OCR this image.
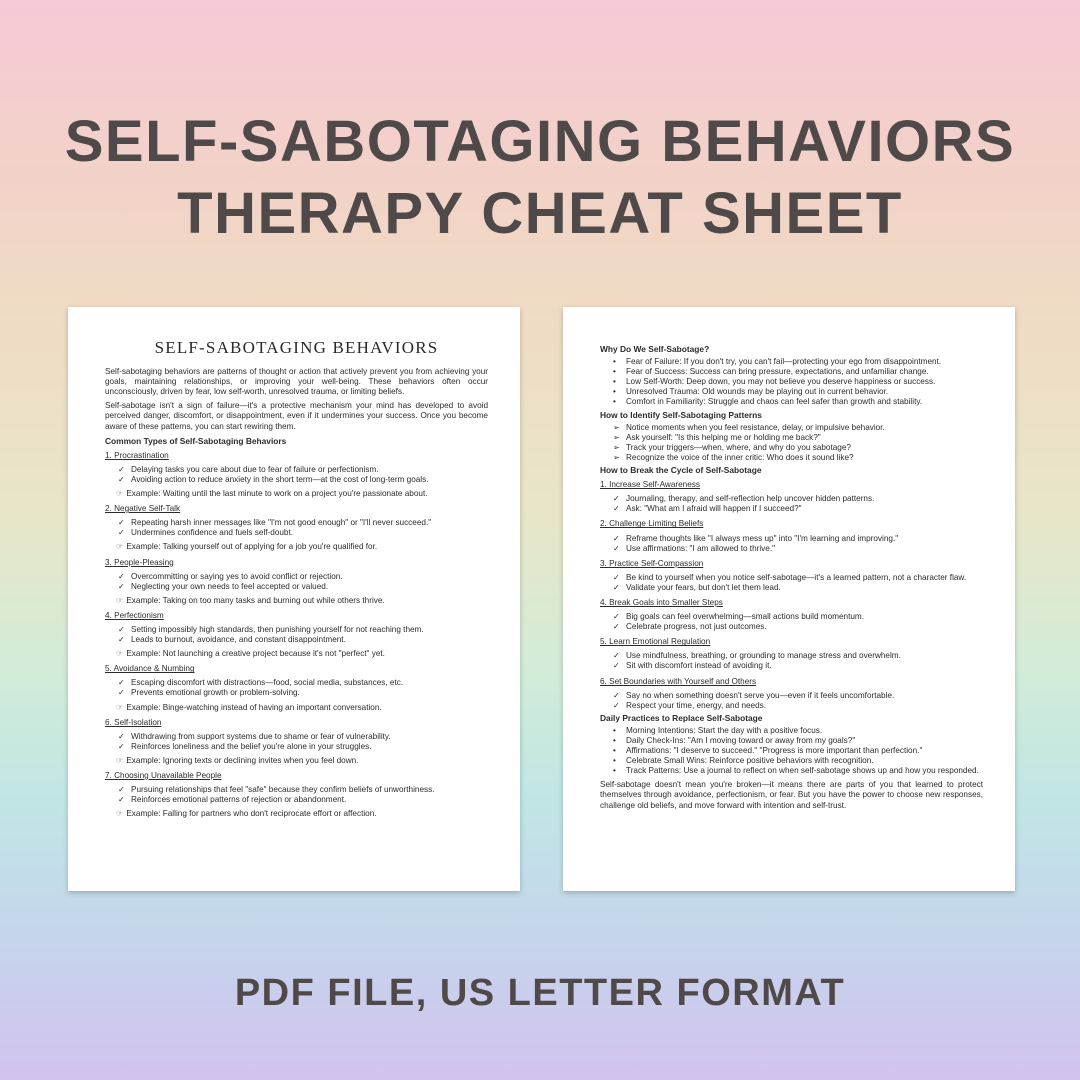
SELF-SABOTAGING BEHAVIORS
THERAPY CHEAT SHEET
SELF-SABOTAGING BEHAVIORS

Self-sabotaging behaviors are patterns of thought or action that actively prevent you from achieving your goals, maintaining relationships, or improving your well-being. These behaviors often occur unconsciously, driven by fear, low self-worth, unresolved trauma, or limiting beliefs.

Self-sabotage isn't a sign of failure—it's a protective mechanism your mind has developed to avoid perceived danger, discomfort, or disappointment, even if it undermines your success. Once you become aware of these patterns, you can start rewiring them.

Common Types of Self-Sabotaging Behaviors
1. Procrastination
✓ Delaying tasks you care about due to fear of failure or perfectionism.
✓ Avoiding action to reduce anxiety in the short term—at the cost of long-term goals.
☞ Example: Waiting until the last minute to work on a project you're passionate about.
2. Negative Self-Talk
✓ Repeating harsh inner messages like "I'm not good enough" or "I'll never succeed."
✓ Undermines confidence and fuels self-doubt.
☞ Example: Talking yourself out of applying for a job you're qualified for.
3. People-Pleasing
✓ Overcommitting or saying yes to avoid conflict or rejection.
✓ Neglecting your own needs to feel accepted or valued.
☞ Example: Taking on too many tasks and burning out while others thrive.
4. Perfectionism
✓ Setting impossibly high standards, then punishing yourself for not reaching them.
✓ Leads to burnout, avoidance, and constant disappointment.
☞ Example: Not launching a creative project because it's not "perfect" yet.
5. Avoidance & Numbing
✓ Escaping discomfort with distractions—food, social media, substances, etc.
✓ Prevents emotional growth or problem-solving.
☞ Example: Binge-watching instead of having an important conversation.
6. Self-Isolation
✓ Withdrawing from support systems due to shame or fear of vulnerability.
✓ Reinforces loneliness and the belief you're alone in your struggles.
☞ Example: Ignoring texts or declining invites when you feel down.
7. Choosing Unavailable People
✓ Pursuing relationships that feel "safe" because they confirm beliefs of unworthiness.
✓ Reinforces emotional patterns of rejection or abandonment.
☞ Example: Falling for partners who don't reciprocate effort or affection.
Why Do We Self-Sabotage?
• Fear of Failure: If you don't try, you can't fail—protecting your ego from disappointment.
• Fear of Success: Success can bring pressure, expectations, and unfamiliar change.
• Low Self-Worth: Deep down, you may not believe you deserve happiness or success.
• Unresolved Trauma: Old wounds may be playing out in current behavior.
• Comfort in Familiarity: Struggle and chaos can feel safer than growth and stability.
How to Identify Self-Sabotaging Patterns
➢ Notice moments when you feel resistance, delay, or impulsive behavior.
➢ Ask yourself: "Is this helping me or holding me back?"
➢ Track your triggers—when, where, and why do you sabotage?
➢ Recognize the voice of the inner critic: Who does it sound like?
How to Break the Cycle of Self-Sabotage
1. Increase Self-Awareness
✓ Journaling, therapy, and self-reflection help uncover hidden patterns.
✓ Ask: "What am I afraid will happen if I succeed?"
2. Challenge Limiting Beliefs
✓ Reframe thoughts like "I always mess up" into "I'm learning and improving."
✓ Use affirmations: "I am allowed to thrive."
3. Practice Self-Compassion
✓ Be kind to yourself when you notice self-sabotage—it's a learned pattern, not a character flaw.
✓ Validate your fears, but don't let them lead.
4. Break Goals into Smaller Steps
✓ Big goals can feel overwhelming—small actions build momentum.
✓ Celebrate progress, not just outcomes.
5. Learn Emotional Regulation
✓ Use mindfulness, breathing, or grounding to manage stress and overwhelm.
✓ Sit with discomfort instead of avoiding it.
6. Set Boundaries with Yourself and Others
✓ Say no when something doesn't serve you—even if it feels uncomfortable.
✓ Respect your time, energy, and needs.
Daily Practices to Replace Self-Sabotage
• Morning Intentions: Start the day with a positive focus.
• Daily Check-Ins: "Am I moving toward or away from my goals?"
• Affirmations: "I deserve to succeed." "Progress is more important than perfection."
• Celebrate Small Wins: Reinforce positive behaviors with recognition.
• Track Patterns: Use a journal to reflect on when self-sabotage shows up and how you responded.

Self-sabotage doesn't mean you're broken—it means there are parts of you that learned to protect themselves through avoidance, perfectionism, or fear. But you have the power to choose new responses, challenge old beliefs, and move forward with intention and self-trust.

PDF FILE, US LETTER FORMAT
